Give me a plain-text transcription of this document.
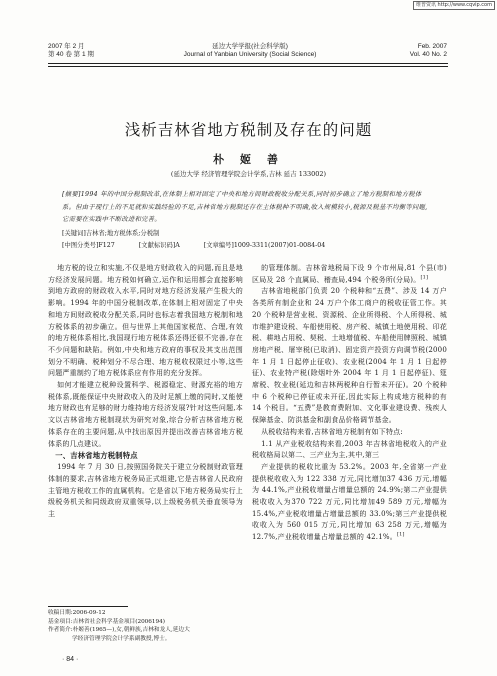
维普资讯 http://www.cqvip.com
2007 年 2 月
第 40 卷 第 1 期
延边大学学报(社会科学版)
Journal of Yanbian University (Social Science)
Feb. 2007
Vol. 40 No. 2
浅析吉林省地方税制及存在的问题
朴 姬 善
(延边大学 经济管理学院会计学系,吉林 延吉 133002)
[摘要]1994 年的中国分税制改革,在体制上相对固定了中央和地方间财政税收分配关系,同时初步确立了地方税制和地方税体系。但由于现行上的不足就和实践经验的不足,吉林省地方税制还存在主体税种不明确,收入规模较小,税源及税基不均衡等问题,它需要在实践中不断改进和完善。
[关键词]吉林省;地方税体系;分税制
[中图分类号]F127	[文献标识码]A	[文章编号]1009-3311(2007)01-0084-04

地方税的设立和实施,不仅是地方财政收入的问题,而且是地方经济发展问题。地方税如何确立,运作和运用都会直接影响到地方政府的财政收入水平,同时对地方经济发展产生极大的影响。1994 年的中国分税制改革,在体制上相对固定了中央和地方间财政税收分配关系,同时也标志着我国地方税制和地方税体系的初步确立。但与世界上其他国家税范、合理,有效的地方税体系相比,我国现行地方税体系还得还很不完善,存在不少问题和缺陷。例如,中央和地方政府的事权及其支出范围划分不明确、税种划分不尽合理、地方税收权限过小等,这些问题严重制约了地方税体系应有作用的充分发挥。

如何才能建立税种设置科学、税源稳定、财源充裕的地方税体系,既能保证中央财政收入的及时足额上缴的同时,又能使地方财政也有足够的财力维持地方经济发展?针对这些问题,本文以吉林省地方税制现状为研究对象,综合分析吉林省地方税体系存在的主要问题,从中找出原因并提出改善吉林省地方税体系的几点建议。

一、吉林省地方税制特点

1994 年 7 月 30 日,按照国务院关于建立分税制财政管理体制的要求,吉林省地方税务局正式组建,它是吉林省人民政府主管地方税收工作的直属机构。它是省以下地方税务局实行上级税务机关和同级政府双重领导,以上级税务机关垂直领导为主

的管理体制。吉林省地税局下设 9 个市州局,81 个县(市)区局及 28 个直属局、稽查局,494 个税务所(分局)。[1]

吉林省地税部门负责 20 个税种和“五费”、涉及 14 万户各类所有制企业和 24 万户个体工商户的税收征管工作。其 20 个税种是营业税、资源税、企业所得税、个人所得税、城市维护建设税、车船使用税、房产税、城镇土地使用税、印花税、耕地占用税、契税、土地增值税、车船使用牌照税、城镇房地产税、屠宰税(已取消)、固定资产投资方向调节税(2000 年 1 月 1 日起停止征收)、农业税(2004 年 1 月 1 日起停征)、农业特产税(除烟叶外 2004 年 1 月 1 日起停征)、筵席税、牧业税(延边和吉林两税种自行暂未开征)。20 个税种中 6 个税种已停征或未开征,因此实际上构成地方税种的有 14 个税目。“五费”是教育费附加、文化事业建设费、残疾人保障基金、防洪基金和副食品价格调节基金。

从税收结构来看,吉林省地方税制有如下特点:

1.1 从产业税收结构来看,2003 年吉林省地税收入的产业税收格局以第二、三产业为主,其中,第三

产业提供的税收比重为 53.2%。2003 年,全省第一产业提供税收收入为 122 338 万元,同比增加37 436 万元,增幅为 44.1%,产业税收增量占增量总额的 24.9%;第二产业提供税收收入为370 722 万元,同比增加49 589 万元,增幅为 15.4%,产业税收增量占增量总额的 33.0%;第三产业提供税收收入为 560 015 万元,同比增加 63 258 万元,增幅为 12.7%,产业税收增量占增量总额的 42.1%。[1]

收稿日期:2006-09-12
基金项目:吉林省社会科学基金项目(2006194)
作者简介:朴姬善(1965—),女,朝鲜族,吉林和龙人,延边大
学经济管理学院会计学系副教授,博士。
· 84 ·
